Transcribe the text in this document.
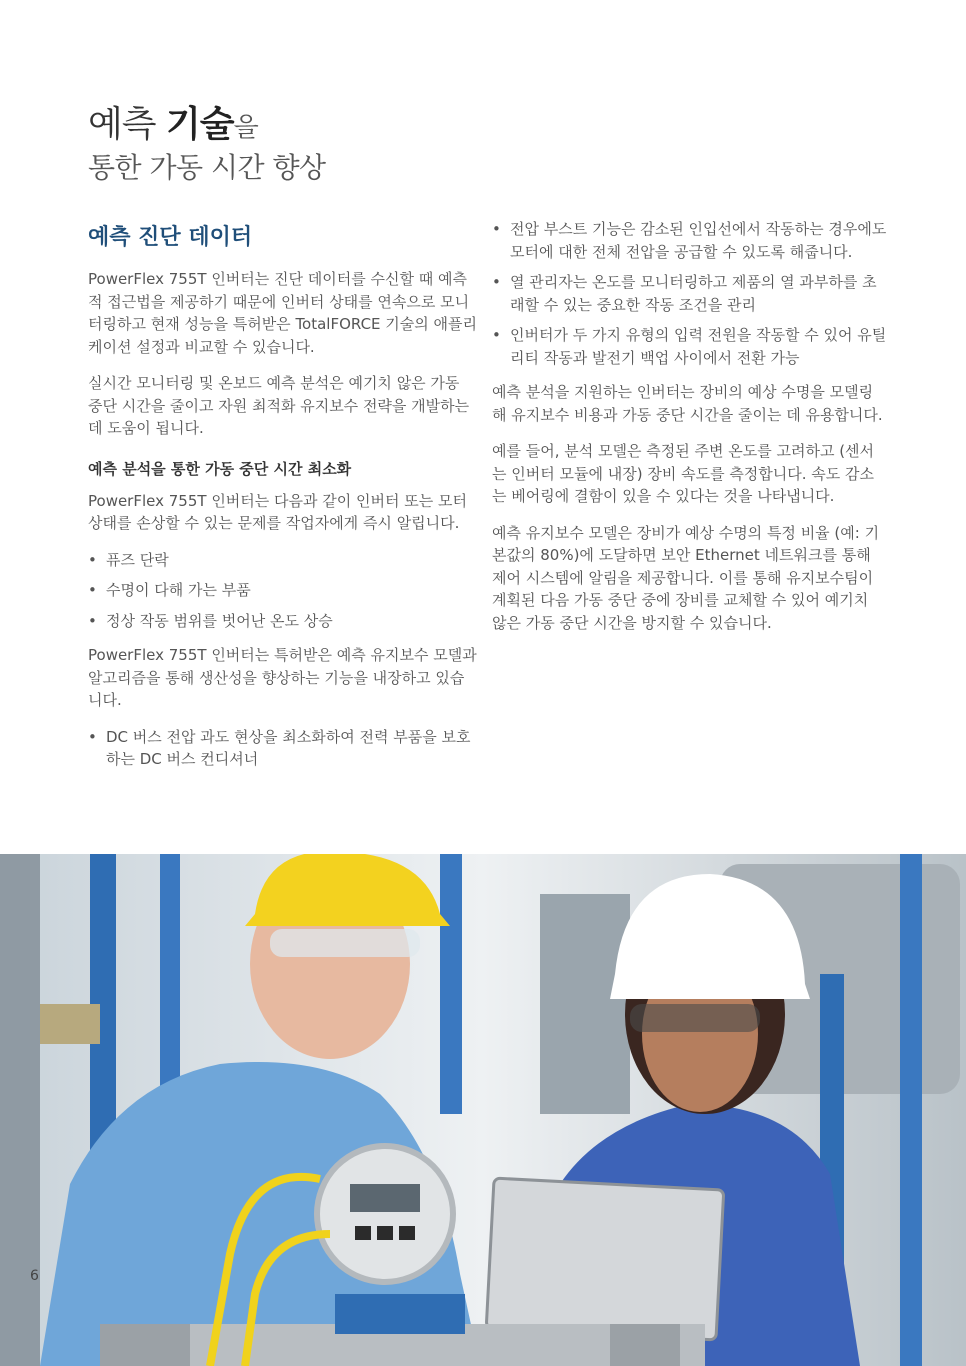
예측 기술을
통한 가동 시간 향상
예측 진단 데이터

PowerFlex 755T 인버터는 진단 데이터를 수신할 때 예측적 접근법을 제공하기 때문에 인버터 상태를 연속으로 모니터링하고 현재 성능을 특허받은 TotalFORCE 기술의 애플리케이션 설정과 비교할 수 있습니다.

실시간 모니터링 및 온보드 예측 분석은 예기치 않은 가동 중단 시간을 줄이고 자원 최적화 유지보수 전략을 개발하는 데 도움이 됩니다.

예측 분석을 통한 가동 중단 시간 최소화

PowerFlex 755T 인버터는 다음과 같이 인버터 또는 모터 상태를 손상할 수 있는 문제를 작업자에게 즉시 알립니다.

• 퓨즈 단락
• 수명이 다해 가는 부품
• 정상 작동 범위를 벗어난 온도 상승

PowerFlex 755T 인버터는 특허받은 예측 유지보수 모델과 알고리즘을 통해 생산성을 향상하는 기능을 내장하고 있습니다.

• DC 버스 전압 과도 현상을 최소화하여 전력 부품을 보호하는 DC 버스 컨디셔너
• 전압 부스트 기능은 감소된 인입선에서 작동하는 경우에도 모터에 대한 전체 전압을 공급할 수 있도록 해줍니다.
• 열 관리자는 온도를 모니터링하고 제품의 열 과부하를 초래할 수 있는 중요한 작동 조건을 관리
• 인버터가 두 가지 유형의 입력 전원을 작동할 수 있어 유틸리티 작동과 발전기 백업 사이에서 전환 가능

예측 분석을 지원하는 인버터는 장비의 예상 수명을 모델링해 유지보수 비용과 가동 중단 시간을 줄이는 데 유용합니다.

예를 들어, 분석 모델은 측정된 주변 온도를 고려하고 (센서는 인버터 모듈에 내장) 장비 속도를 측정합니다. 속도 감소는 베어링에 결함이 있을 수 있다는 것을 나타냅니다.

예측 유지보수 모델은 장비가 예상 수명의 특정 비율 (예: 기본값의 80%)에 도달하면 보안 Ethernet 네트워크를 통해 제어 시스템에 알림을 제공합니다. 이를 통해 유지보수팀이 계획된 다음 가동 중단 중에 장비를 교체할 수 있어 예기치 않은 가동 중단 시간을 방지할 수 있습니다.

6
